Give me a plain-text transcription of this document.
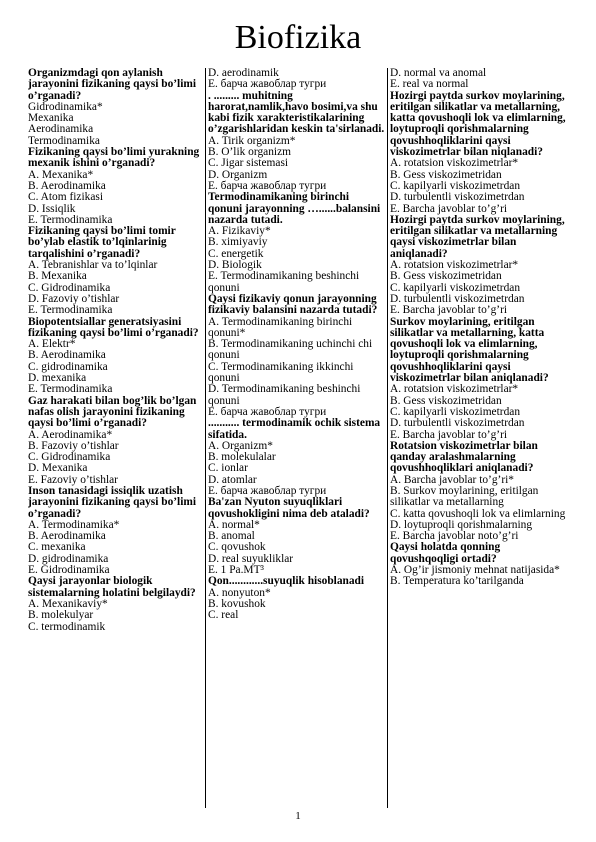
Biofizika
Organizmdagi qon aylanish jarayonini fizikaning qaysi bo’limi o’rganadi?
Gidrodinamika*
Mexanika
Aerodinamika
Termodinamika
Fizikaning qaysi bo’limi yurakning mexanik ishini o’rganadi?
A. Mexanika*
B. Aerodinamika
C. Atom fizikasi
D. Issiqlik
E. Termodinamika
Fizikaning qaysi bo’limi tomir bo’ylab elastik to’lqinlarinig tarqalishini o’rganadi?
A. Tebranishlar va to’lqinlar
B. Mexanika
C. Gidrodinamika
D. Fazoviy o’tishlar
E. Termodinamika
Biopotentsiallar generatsiyasini fizikaning qaysi bo’limi o’rganadi?
A. Elektr*
B. Aerodinamika
C. gidrodinamika
D. mexanika
E. Termodinamika
Gaz harakati bilan bog’lik bo’lgan nafas olish jarayonini fizikaning qaysi bo’limi o’rganadi?
A. Aerodinamika*
B. Fazoviy o’tishlar
C. Gidrodinamika
D. Mexanika
E. Fazoviy o’tishlar
Inson tanasidagi issiqlik uzatish jarayonini fizikaning qaysi bo’limi o’rganadi?
A. Termodinamika*
B. Aerodinamika
C. mexanika
D. gidrodinamika
E. Gidrodinamika
Qaysi jarayonlar biologik sistemalarning holatini belgilaydi?
A. Mexanikaviy*
B. molekulyar
C. termodinamik
D. aerodinamik
E. барча жавоблар тугри
. ......... muhitning harorat,namlik,havo bosimi,va shu kabi fizik xarakteristikalarining o’zgarishlaridan keskin ta'sirlanadi.
A. Tirik organizm*
B. O’lik organizm
C. Jigar sistemasi
D. Organizm
E. барча жавоблар тугри
Termodinamikaning birinchi qonuni jarayonning …......balansini nazarda tutadi.
A. Fizikaviy*
B. ximiyaviy
C. energetik
D. Biologik
E. Termodinamikaning beshinchi qonuni
Qaysi fizikaviy qonun jarayonning fizikaviy balansini nazarda tutadi?
A. Termodinamikaning birinchi qonuni*
B. Termodinamikaning uchinchi chi qonuni
C. Termodinamikaning ikkinchi qonuni
D. Termodinamikaning beshinchi qonuni
E. барча жавоблар тугри
........... termodinamik ochik sistema sifatida.
A. Organizm*
B. molekulalar
C. ionlar
D. atomlar
E. барча жавоблар тугри
Ba'zan Nyuton suyuqliklari qovushokligini nima deb ataladi?
A. normal*
B. anomal
C. qovushok
D. real suyukliklar
E. 1 Pa.MT³
Qon............suyuqlik hisoblanadi
A. nonyuton*
B. kovushok
C. real
D. normal va anomal
E. real va normal
Hozirgi paytda surkov moylarining, eritilgan silikatlar va metallarning, katta qovushoqli lok va elimlarning, loytuproqli qorishmalarning qovushhoqliklarini qaysi viskozimetrlar bilan niqlanadi?
A. rotatsion viskozimetrlar*
B. Gess viskozimetridan
C. kapilyarli viskozimetrdan
D. turbulentli viskozimetrdan
E. Barcha javoblar to’g’ri
Hozirgi paytda surkov moylarining, eritilgan silikatlar va metallarning qaysi viskozimetrlar bilan aniqlanadi?
A. rotatsion viskozimetrlar*
B. Gess viskozimetridan
C. kapilyarli viskozimetrdan
D. turbulentli viskozimetrdan
E. Barcha javoblar to’g’ri
Surkov moylarining, eritilgan silikatlar va metallarning, katta qovushoqli lok va elimlarning, loytuproqli qorishmalarning qovushhoqliklarini qaysi viskozimetrlar bilan aniqlanadi?
A. rotatsion viskozimetrlar*
B. Gess viskozimetridan
C. kapilyarli viskozimetrdan
D. turbulentli viskozimetrdan
E. Barcha javoblar to’g’ri
Rotatsion viskozimetrlar bilan qanday aralashmalarning qovushhoqliklari aniqlanadi?
A. Barcha javoblar to’g’ri*
B. Surkov moylarining, eritilgan silikatlar va metallarning
C. katta qovushoqli lok va elimlarning
D. loytuproqli qorishmalarning
E. Barcha javoblar noto’g’ri
Qaysi holatda qonning qovushqoqligi ortadi?
A. Og’ir jismoniy mehnat natijasida*
B. Temperatura ko’tarilganda
1
